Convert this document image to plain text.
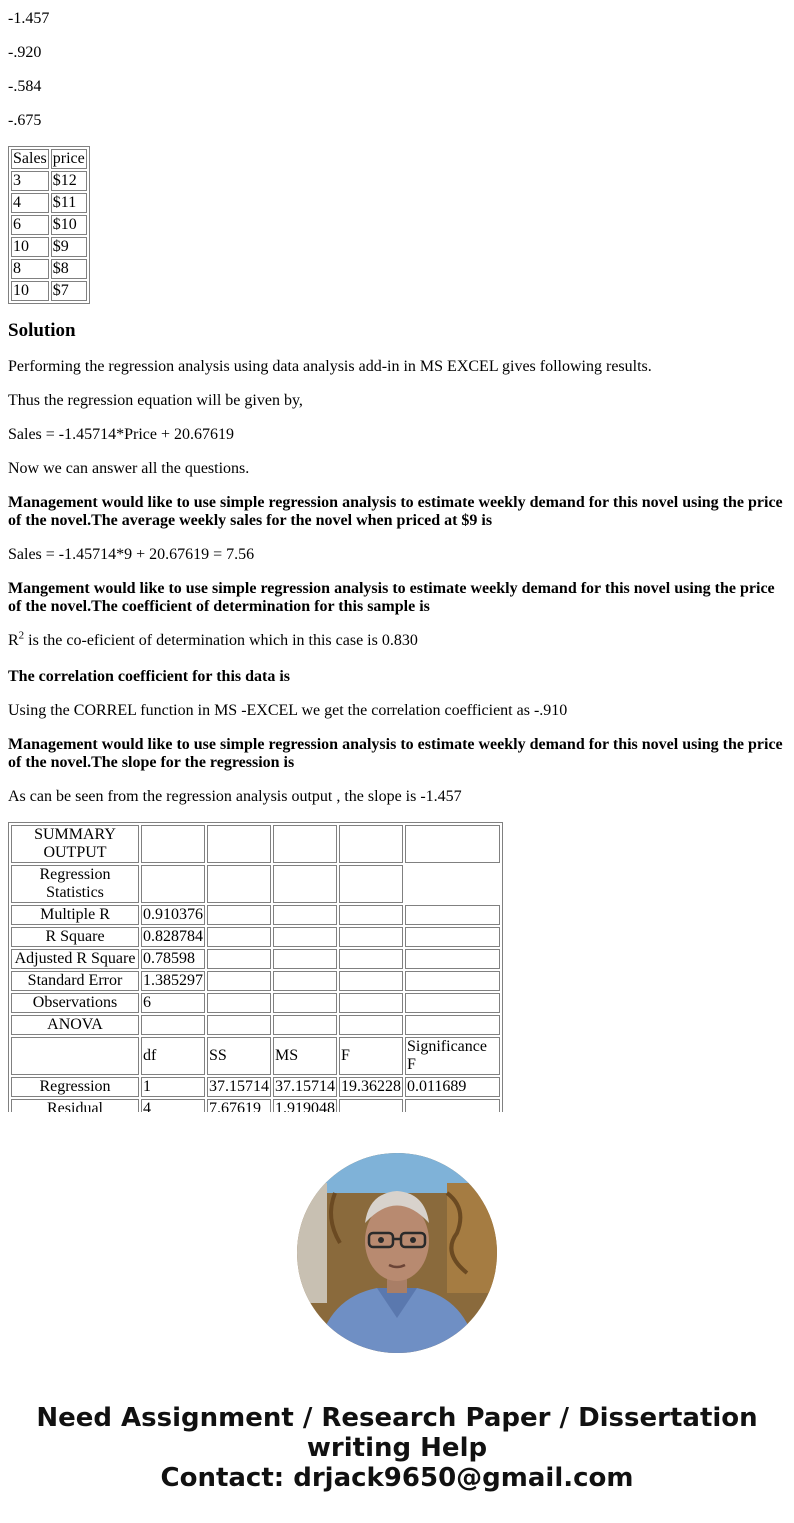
-1.457

-.920

-.584

-.675

Sales	price
3	$12
4	$11
6	$10
10	$9
8	$8
10	$7
Solution

Performing the regression analysis using data analysis add-in in MS EXCEL gives following results.

Thus the regression equation will be given by,

Sales = -1.45714*Price + 20.67619

Now we can answer all the questions.

Management would like to use simple regression analysis to estimate weekly demand for this novel using the price of the novel.The average weekly sales for the novel when priced at $9 is

Sales = -1.45714*9 + 20.67619 = 7.56

Mangement would like to use simple regression analysis to estimate weekly demand for this novel using the price of the novel.The coefficient of determination for this sample is

$R^2$ is the co-eficient of determination which in this case is 0.830

The correlation coefficient for this data is

Using the CORREL function in MS -EXCEL we get the correlation coefficient as -.910

Management would like to use simple regression analysis to estimate weekly demand for this novel using the price of the novel.The slope for the regression is

As can be seen from the regression analysis output , the slope is -1.457

SUMMARY OUTPUT					
Regression Statistics					
Multiple R	0.910376				
R Square	0.828784				
Adjusted R Square	0.78598				
Standard Error	1.385297				
Observations	6				
ANOVA					
	df	SS	MS	F	Significance F
Regression	1	37.15714	37.15714	19.36228	0.011689
Residual	4	7.67619	1.919048		

Need Assignment / Research Paper / Dissertation
writing Help
Contact: drjack9650@gmail.com
